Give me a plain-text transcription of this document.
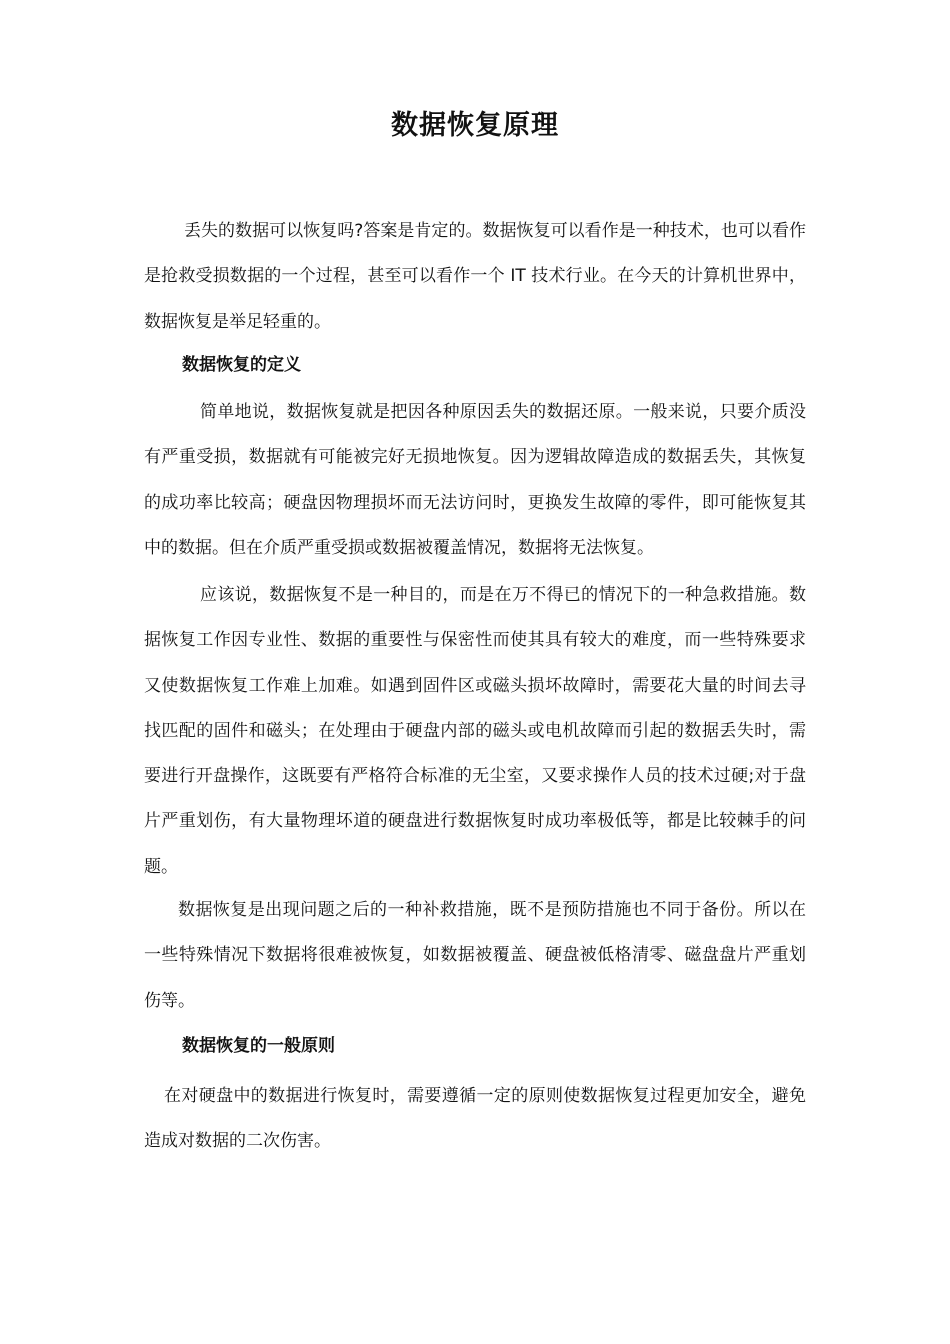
数据恢复原理

丢失的数据可以恢复吗?答案是肯定的。数据恢复可以看作是一种技术，也可以看作是抢救受损数据的一个过程，甚至可以看作一个 IT 技术行业。在今天的计算机世界中，数据恢复是举足轻重的。

数据恢复的定义

简单地说，数据恢复就是把因各种原因丢失的数据还原。一般来说，只要介质没有严重受损，数据就有可能被完好无损地恢复。因为逻辑故障造成的数据丢失，其恢复的成功率比较高；硬盘因物理损坏而无法访问时，更换发生故障的零件，即可能恢复其中的数据。但在介质严重受损或数据被覆盖情况，数据将无法恢复。

应该说，数据恢复不是一种目的，而是在万不得已的情况下的一种急救措施。数据恢复工作因专业性、数据的重要性与保密性而使其具有较大的难度，而一些特殊要求又使数据恢复工作难上加难。如遇到固件区或磁头损坏故障时，需要花大量的时间去寻找匹配的固件和磁头；在处理由于硬盘内部的磁头或电机故障而引起的数据丢失时，需要进行开盘操作，这既要有严格符合标准的无尘室，又要求操作人员的技术过硬;对于盘片严重划伤，有大量物理坏道的硬盘进行数据恢复时成功率极低等，都是比较棘手的问题。

数据恢复是出现问题之后的一种补救措施，既不是预防措施也不同于备份。所以在一些特殊情况下数据将很难被恢复，如数据被覆盖、硬盘被低格清零、磁盘盘片严重划伤等。

数据恢复的一般原则

在对硬盘中的数据进行恢复时，需要遵循一定的原则使数据恢复过程更加安全，避免造成对数据的二次伤害。
